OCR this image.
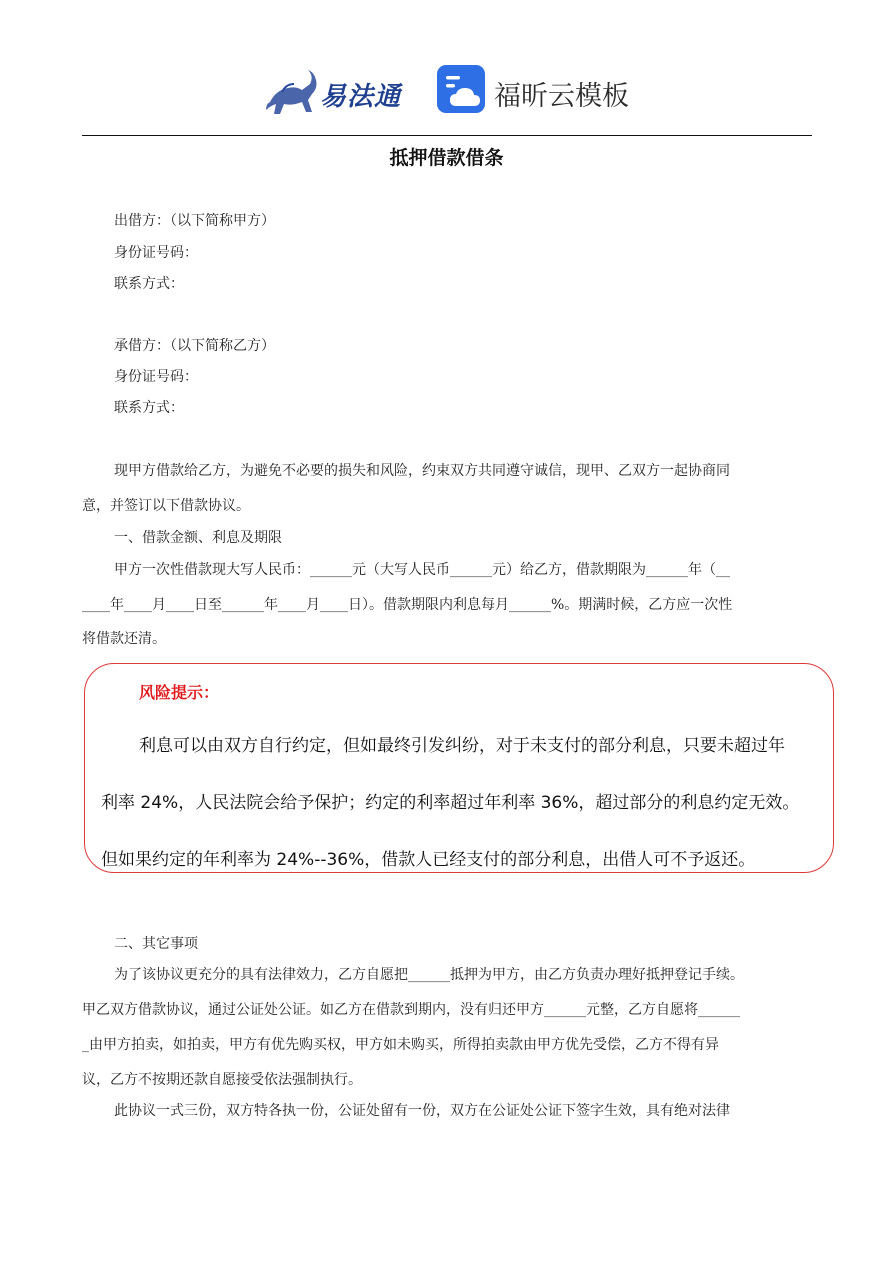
易法通	福昕云模板
抵押借款借条
出借方：（以下简称甲方）
身份证号码：
联系方式：
承借方：（以下简称乙方）
身份证号码：
联系方式：
现甲方借款给乙方，为避免不必要的损失和风险，约束双方共同遵守诚信，现甲、乙双方一起协商同
意，并签订以下借款协议。
一、借款金额、利息及期限
甲方一次性借款现大写人民币：______元（大写人民币______元）给乙方，借款期限为______年（__
____年____月____日至______年____月____日）。借款期限内利息每月______%。期满时候，乙方应一次性
将借款还清。
风险提示：
利息可以由双方自行约定，但如最终引发纠纷，对于未支付的部分利息，只要未超过年
利率 24%，人民法院会给予保护；约定的利率超过年利率 36%，超过部分的利息约定无效。
但如果约定的年利率为 24%--36%，借款人已经支付的部分利息，出借人可不予返还。
二、其它事项
为了该协议更充分的具有法律效力，乙方自愿把______抵押为甲方，由乙方负责办理好抵押登记手续。
甲乙双方借款协议，通过公证处公证。如乙方在借款到期内，没有归还甲方______元整，乙方自愿将______
_由甲方拍卖，如拍卖，甲方有优先购买权，甲方如未购买，所得拍卖款由甲方优先受偿，乙方不得有异
议，乙方不按期还款自愿接受依法强制执行。
此协议一式三份，双方特各执一份，公证处留有一份，双方在公证处公证下签字生效，具有绝对法律
